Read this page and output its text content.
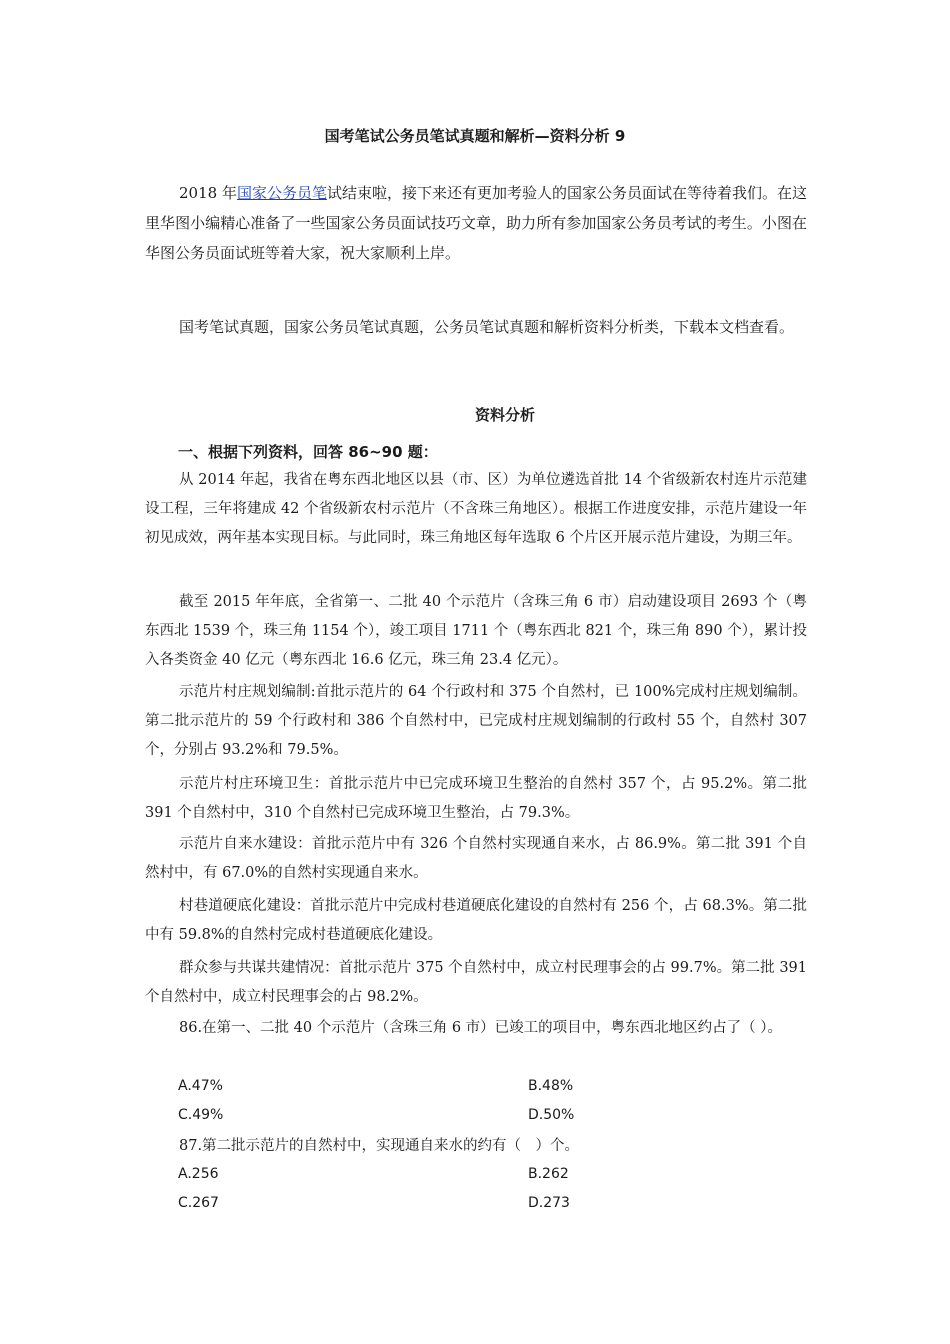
国考笔试公务员笔试真题和解析—资料分析 9

2018 年国家公务员笔试结束啦，接下来还有更加考验人的国家公务员面试在等待着我们。在这里华图小编精心准备了一些国家公务员面试技巧文章，助力所有参加国家公务员考试的考生。小图在华图公务员面试班等着大家，祝大家顺利上岸。

国考笔试真题，国家公务员笔试真题，公务员笔试真题和解析资料分析类，下载本文档查看。

资料分析
一、根据下列资料，回答 86~90 题：

从 2014 年起，我省在粤东西北地区以县（市、区）为单位遴选首批 14 个省级新农村连片示范建设工程，三年将建成 42 个省级新农村示范片（不含珠三角地区）。根据工作进度安排，示范片建设一年初见成效，两年基本实现目标。与此同时，珠三角地区每年选取 6 个片区开展示范片建设，为期三年。

截至 2015 年年底，全省第一、二批 40 个示范片（含珠三角 6 市）启动建设项目 2693 个（粤东西北 1539 个，珠三角 1154 个），竣工项目 1711 个（粤东西北 821 个，珠三角 890 个），累计投入各类资金 40 亿元（粤东西北 16.6 亿元，珠三角 23.4 亿元）。

示范片村庄规划编制:首批示范片的 64 个行政村和 375 个自然村，已 100%完成村庄规划编制。第二批示范片的 59 个行政村和 386 个自然村中，已完成村庄规划编制的行政村 55 个，自然村 307 个，分别占 93.2%和 79.5%。

示范片村庄环境卫生：首批示范片中已完成环境卫生整治的自然村 357 个，占 95.2%。第二批 391 个自然村中，310 个自然村已完成环境卫生整治，占 79.3%。

示范片自来水建设：首批示范片中有 326 个自然村实现通自来水，占 86.9%。第二批 391 个自然村中，有 67.0%的自然村实现通自来水。

村巷道硬底化建设：首批示范片中完成村巷道硬底化建设的自然村有 256 个，占 68.3%。第二批中有 59.8%的自然村完成村巷道硬底化建设。

群众参与共谋共建情况：首批示范片 375 个自然村中，成立村民理事会的占 99.7%。第二批 391 个自然村中，成立村民理事会的占 98.2%。

86.在第一、二批 40 个示范片（含珠三角 6 市）已竣工的项目中，粤东西北地区约占了（ ）。

A.47%	B.48%
C.49%	D.50%

87.第二批示范片的自然村中，实现通自来水的约有（　）个。

A.256	B.262
C.267	D.273
